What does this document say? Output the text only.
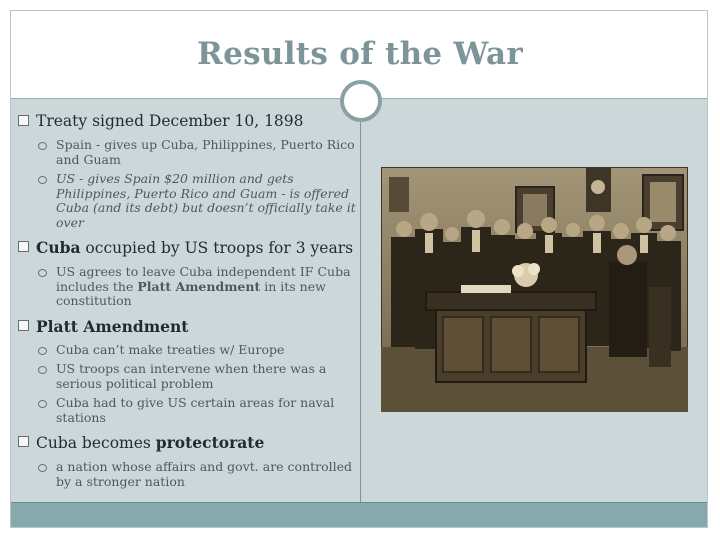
Results of the War
Treaty signed December 10, 1898
Spain - gives up Cuba, Philippines, Puerto Rico and Guam
US - gives Spain $20 million and gets Philippines, Puerto Rico and Guam - is offered Cuba (and its debt) but doesn’t officially take it over
Cuba occupied by US troops for 3 years
US agrees to leave Cuba independent IF Cuba includes the Platt Amendment in its new constitution
Platt Amendment
Cuba can’t make treaties w/ Europe
US troops can intervene when there was a serious political problem
Cuba had to give US certain areas for naval stations
Cuba becomes protectorate
a nation whose affairs and govt. are controlled by a stronger nation
